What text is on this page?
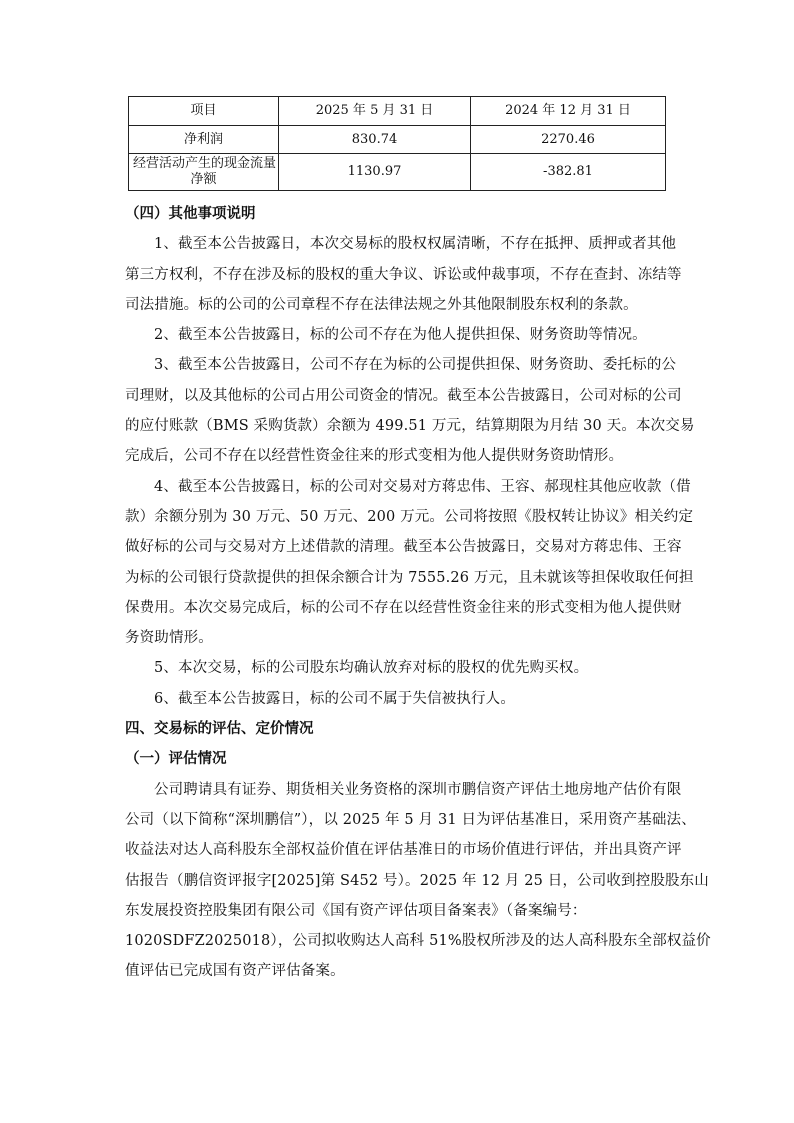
项目	2025 年 5 月 31 日	2024 年 12 月 31 日
净利润	830.74	2270.46

经营活动产生的现金流量
净额	1130.97	-382.81

（四）其他事项说明

1、截至本公告披露日，本次交易标的股权权属清晰，不存在抵押、质押或者其他
第三方权利，不存在涉及标的股权的重大争议、诉讼或仲裁事项，不存在查封、冻结等
司法措施。标的公司的公司章程不存在法律法规之外其他限制股东权利的条款。
2、截至本公告披露日，标的公司不存在为他人提供担保、财务资助等情况。
3、截至本公告披露日，公司不存在为标的公司提供担保、财务资助、委托标的公
司理财，以及其他标的公司占用公司资金的情况。截至本公告披露日，公司对标的公司
的应付账款（BMS 采购货款）余额为 499.51 万元，结算期限为月结 30 天。本次交易
完成后，公司不存在以经营性资金往来的形式变相为他人提供财务资助情形。
4、截至本公告披露日，标的公司对交易对方蒋忠伟、王容、郝现柱其他应收款（借
款）余额分别为 30 万元、50 万元、200 万元。公司将按照《股权转让协议》相关约定
做好标的公司与交易对方上述借款的清理。截至本公告披露日，交易对方蒋忠伟、王容
为标的公司银行贷款提供的担保余额合计为 7555.26 万元，且未就该等担保收取任何担
保费用。本次交易完成后，标的公司不存在以经营性资金往来的形式变相为他人提供财
务资助情形。
5、本次交易，标的公司股东均确认放弃对标的股权的优先购买权。
6、截至本公告披露日，标的公司不属于失信被执行人。

四、交易标的评估、定价情况

（一）评估情况

公司聘请具有证券、期货相关业务资格的深圳市鹏信资产评估土地房地产估价有限
公司（以下简称“深圳鹏信”），以 2025 年 5 月 31 日为评估基准日，采用资产基础法、
收益法对达人高科股东全部权益价值在评估基准日的市场价值进行评估，并出具资产评
估报告（鹏信资评报字[2025]第 S452 号）。2025 年 12 月 25 日，公司收到控股股东山
东发展投资控股集团有限公司《国有资产评估项目备案表》（备案编号：
1020SDFZ2025018），公司拟收购达人高科 51%股权所涉及的达人高科股东全部权益价
值评估已完成国有资产评估备案。
